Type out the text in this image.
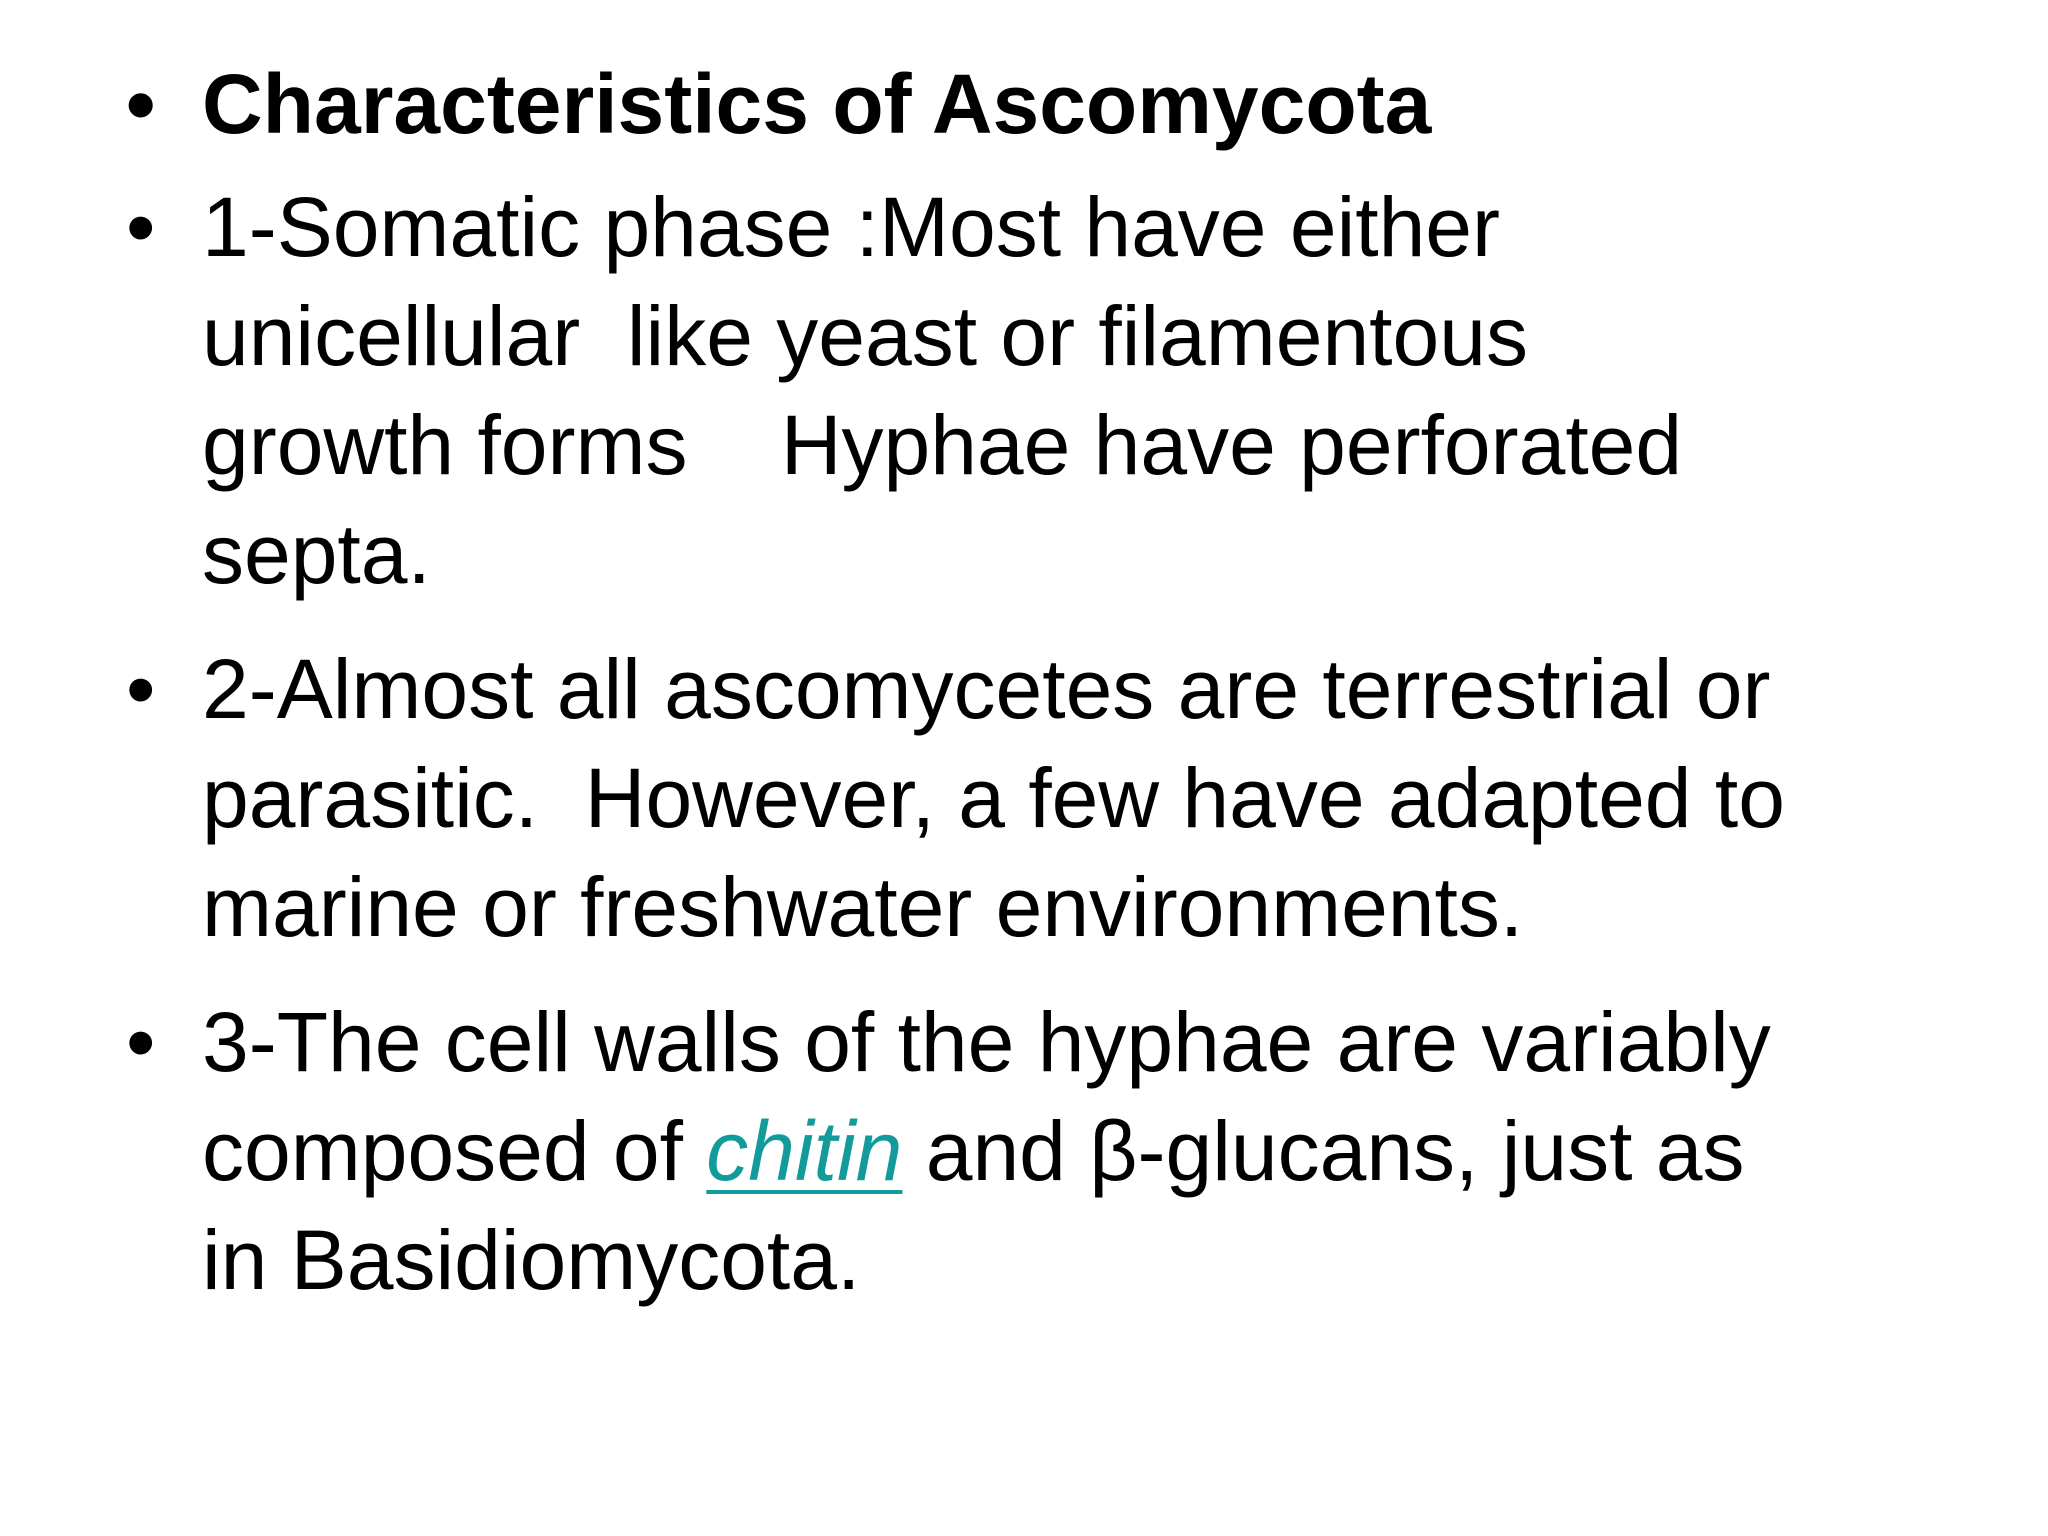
• Characteristics of Ascomycota
• 1-Somatic phase :Most have either
unicellular  like yeast or filamentous
growth forms    Hyphae have perforated
septa.
• 2-Almost all ascomycetes are terrestrial or
parasitic.  However, a few have adapted to
marine or freshwater environments.
• 3-The cell walls of the hyphae are variably
composed of chitin and β-glucans, just as
in Basidiomycota.
